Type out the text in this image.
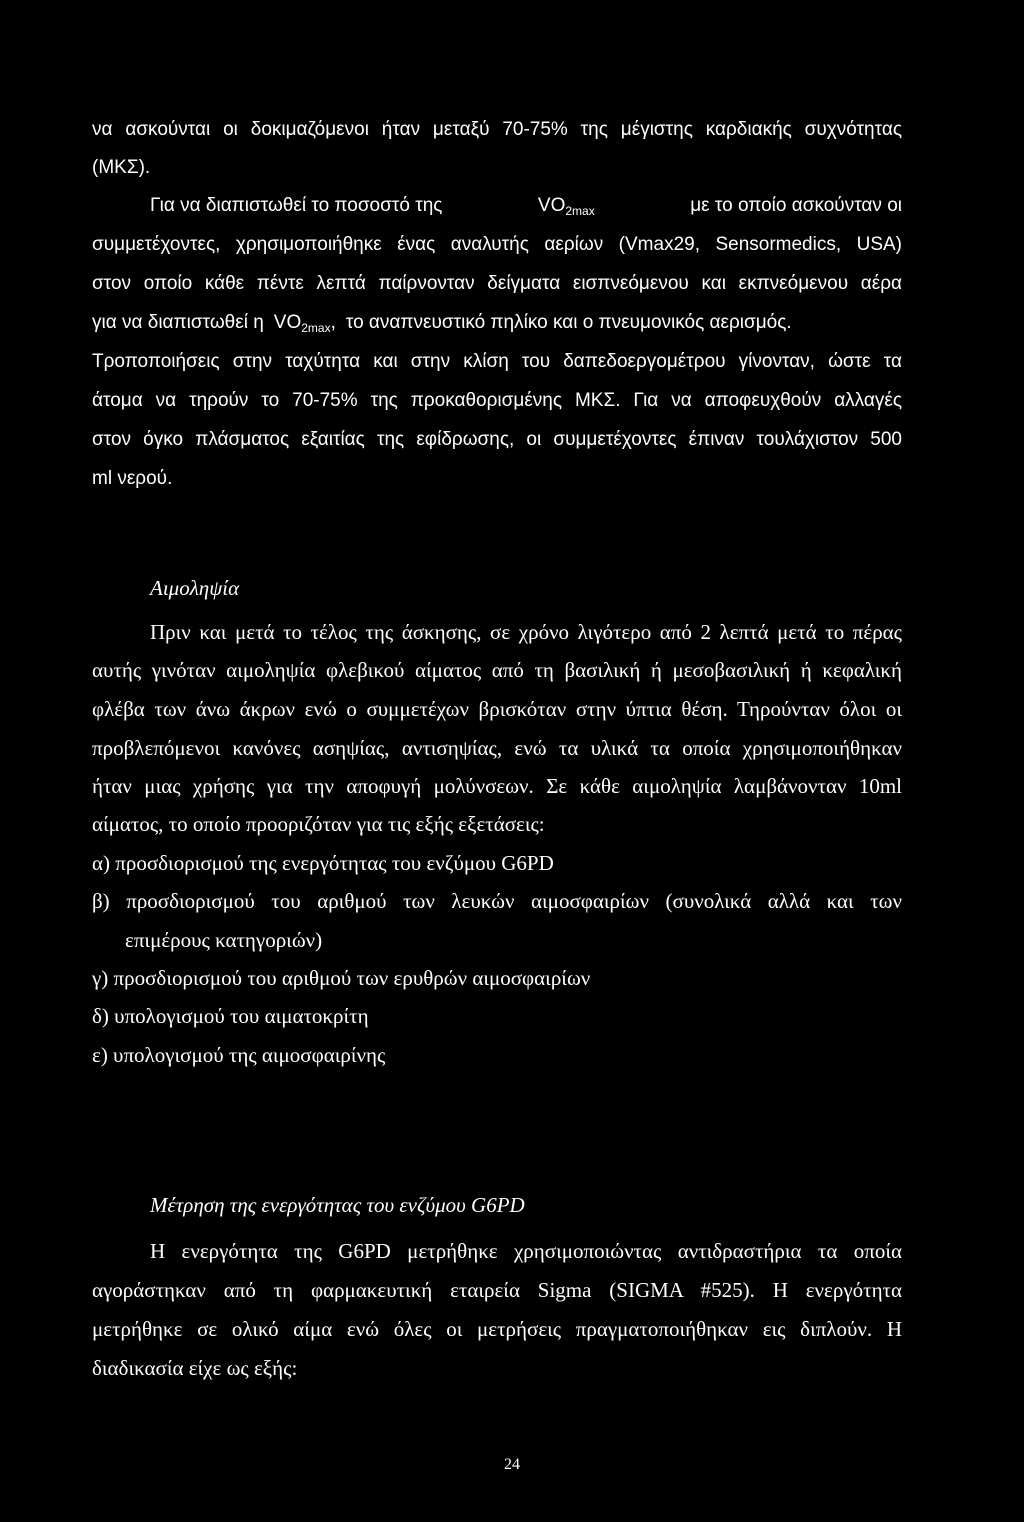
να ασκούνται οι δοκιμαζόμενοι ήταν μεταξύ 70-75% της μέγιστης καρδιακής συχνότητας
(ΜΚΣ).
Για να διαπιστωθεί το ποσοστό της	$VO_{2max}$	με το οποίο ασκούνταν οι
συμμετέχοντες, χρησιμοποιήθηκε ένας αναλυτής αερίων (Vmax29, Sensormedics, USA)
στον οποίο κάθε πέντε λεπτά παίρνονταν δείγματα εισπνεόμενου και εκπνεόμενου αέρα
για να διαπιστωθεί η $VO_{2max}$, το αναπνευστικό πηλίκο και ο πνευμονικός αερισμός.
Τροποποιήσεις στην ταχύτητα και στην κλίση του δαπεδοεργομέτρου γίνονταν, ώστε τα
άτομα να τηρούν το 70-75% της προκαθορισμένης ΜΚΣ. Για να αποφευχθούν αλλαγές
στον όγκο πλάσματος εξαιτίας της εφίδρωσης, οι συμμετέχοντες έπιναν τουλάχιστον 500
ml νερού.
Αιμοληψία
Πριν και μετά το τέλος της άσκησης, σε χρόνο λιγότερο από 2 λεπτά μετά το πέρας
αυτής γινόταν αιμοληψία φλεβικού αίματος από τη βασιλική ή μεσοβασιλική ή κεφαλική
φλέβα των άνω άκρων ενώ ο συμμετέχων βρισκόταν στην ύπτια θέση. Τηρούνταν όλοι οι
προβλεπόμενοι κανόνες ασηψίας, αντισηψίας, ενώ τα υλικά τα οποία χρησιμοποιήθηκαν
ήταν μιας χρήσης για την αποφυγή μολύνσεων. Σε κάθε αιμοληψία λαμβάνονταν 10ml
αίματος, το οποίο προοριζόταν για τις εξής εξετάσεις:
α) προσδιορισμού της ενεργότητας του ενζύμου G6PD
β) προσδιορισμού του αριθμού των λευκών αιμοσφαιρίων (συνολικά αλλά και των
επιμέρους κατηγοριών)
γ) προσδιορισμού του αριθμού των ερυθρών αιμοσφαιρίων
δ) υπολογισμού του αιματοκρίτη
ε) υπολογισμού της αιμοσφαιρίνης
Μέτρηση της ενεργότητας του ενζύμου G6PD
Η ενεργότητα της G6PD μετρήθηκε χρησιμοποιώντας αντιδραστήρια τα οποία
αγοράστηκαν από τη φαρμακευτική εταιρεία Sigma (SIGMA #525). Η ενεργότητα
μετρήθηκε σε ολικό αίμα ενώ όλες οι μετρήσεις πραγματοποιήθηκαν εις διπλούν. Η
διαδικασία είχε ως εξής:
24
